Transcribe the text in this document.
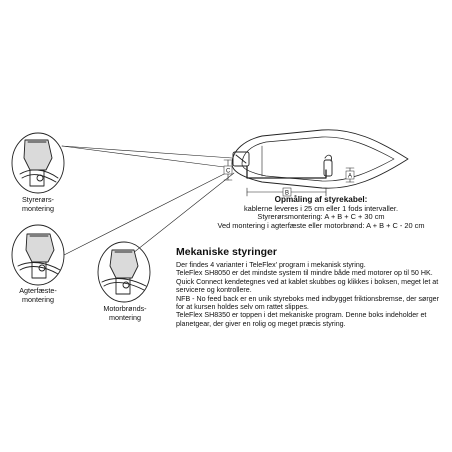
A
B
C
Styrerørs-
montering
Agterfæste-
montering
Motorbrønds-
montering
Opmåling af styrekabel:
kablerne leveres i 25 cm eller 1 fods intervaller.
Styrerørsmontering: A + B + C + 30 cm
Ved montering i agterfæste eller motorbrønd: A + B + C - 20 cm
Mekaniske styringer
Der findes 4 varianter i TeleFlex' program i mekanisk styring.
TeleFlex SH8050 er det mindste system til mindre både med motorer op til 50 HK.
Quick Connect kendetegnes ved at kablet skubbes og klikkes i boksen, meget let at
servicere og kontrollere.
NFB - No feed back er en unik styreboks med indbygget friktionsbremse, der sørger
for at kursen holdes selv om rattet slippes.
TeleFlex SH8350 er toppen i det mekaniske program. Denne boks indeholder et
planetgear, der giver en rolig og meget præcis styring.
